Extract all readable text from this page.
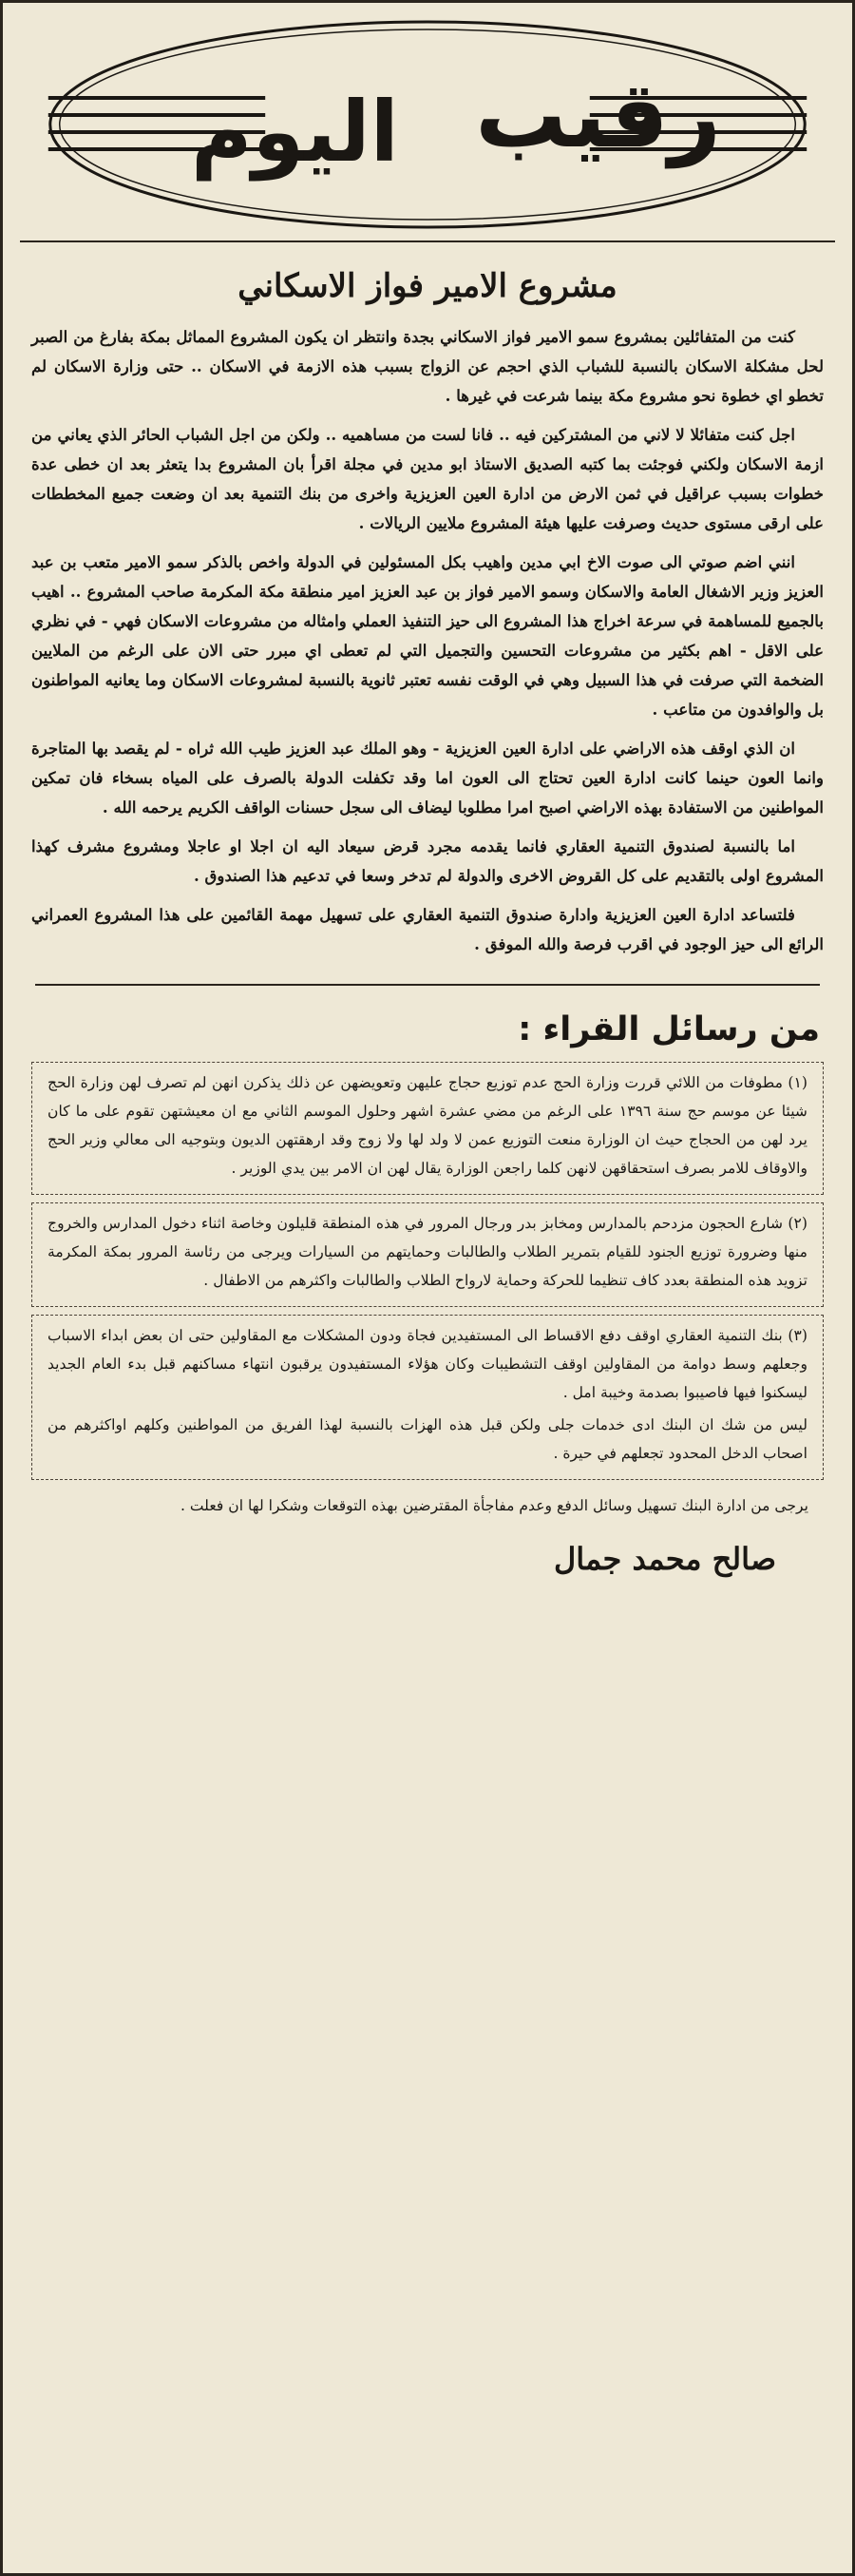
رقيب
اليوم
مشروع الامير فواز الاسكاني

كنت من المتفائلين بمشروع سمو الامير فواز الاسكاني بجدة وانتظر ان يكون المشروع المماثل بمكة بفارغ من الصبر لحل مشكلة الاسكان بالنسبة للشباب الذي احجم عن الزواج بسبب هذه الازمة في الاسكان .. حتى وزارة الاسكان لم تخطو اي خطوة نحو مشروع مكة بينما شرعت في غيرها .

اجل كنت متفائلا لا لاني من المشتركين فيه .. فانا لست من مساهميه .. ولكن من اجل الشباب الحائر الذي يعاني من ازمة الاسكان ولكني فوجئت بما كتبه الصديق الاستاذ ابو مدين في مجلة اقرأ بان المشروع بدا يتعثر بعد ان خطى عدة خطوات بسبب عراقيل في ثمن الارض من ادارة العين العزيزية واخرى من بنك التنمية بعد ان وضعت جميع المخططات على ارقى مستوى حديث وصرفت عليها هيئة المشروع ملايين الريالات .

انني اضم صوتي الى صوت الاخ ابي مدين واهيب بكل المسئولين في الدولة واخص بالذكر سمو الامير متعب بن عبد العزيز وزير الاشغال العامة والاسكان وسمو الامير فواز بن عبد العزيز امير منطقة مكة المكرمة صاحب المشروع .. اهيب بالجميع للمساهمة في سرعة اخراج هذا المشروع الى حيز التنفيذ العملي وامثاله من مشروعات الاسكان فهي - في نظري على الاقل - اهم بكثير من مشروعات التحسين والتجميل التي لم تعطى اي مبرر حتى الان على الرغم من الملايين الضخمة التي صرفت في هذا السبيل وهي في الوقت نفسه تعتبر ثانوية بالنسبة لمشروعات الاسكان وما يعانيه المواطنون بل والوافدون من متاعب .

ان الذي اوقف هذه الاراضي على ادارة العين العزيزية - وهو الملك عبد العزيز طيب الله ثراه - لم يقصد بها المتاجرة وانما العون حينما كانت ادارة العين تحتاج الى العون اما وقد تكفلت الدولة بالصرف على المياه بسخاء فان تمكين المواطنين من الاستفادة بهذه الاراضي اصبح امرا مطلوبا ليضاف الى سجل حسنات الواقف الكريم يرحمه الله .

اما بالنسبة لصندوق التنمية العقاري فانما يقدمه مجرد قرض سيعاد اليه ان اجلا او عاجلا ومشروع مشرف كهذا المشروع اولى بالتقديم على كل القروض الاخرى والدولة لم تدخر وسعا في تدعيم هذا الصندوق .

فلتساعد ادارة العين العزيزية وادارة صندوق التنمية العقاري على تسهيل مهمة القائمين على هذا المشروع العمراني الرائع الى حيز الوجود في اقرب فرصة والله الموفق .

من رسائل القراء :

(١) مطوفات من اللائي قررت وزارة الحج عدم توزيع حجاج عليهن وتعويضهن عن ذلك يذكرن انهن لم تصرف لهن وزارة الحج شيئا عن موسم حج سنة ١٣٩٦ على الرغم من مضي عشرة اشهر وحلول الموسم الثاني مع ان معيشتهن تقوم على ما كان يرد لهن من الحجاج حيث ان الوزارة منعت التوزيع عمن لا ولد لها ولا زوج وقد ارهقتهن الديون وبتوجيه الى معالي وزير الحج والاوقاف للامر بصرف استحقاقهن لانهن كلما راجعن الوزارة يقال لهن ان الامر بين يدي الوزير .

(٢) شارع الحجون مزدحم بالمدارس ومخابز بدر ورجال المرور في هذه المنطقة قليلون وخاصة اثناء دخول المدارس والخروج منها وضرورة توزيع الجنود للقيام بتمرير الطلاب والطالبات وحمايتهم من السيارات ويرجى من رئاسة المرور بمكة المكرمة تزويد هذه المنطقة بعدد كاف تنظيما للحركة وحماية لارواح الطلاب والطالبات واكثرهم من الاطفال .

(٣) بنك التنمية العقاري اوقف دفع الاقساط الى المستفيدين فجاة ودون المشكلات مع المقاولين حتى ان بعض ابداء الاسباب وجعلهم وسط دوامة من المقاولين اوقف التشطيبات وكان هؤلاء المستفيدون يرقبون انتهاء مساكنهم قبل بدء العام الجديد ليسكنوا فيها فاصيبوا بصدمة وخيبة امل .

ليس من شك ان البنك ادى خدمات جلى ولكن قبل هذه الهزات بالنسبة لهذا الفريق من المواطنين وكلهم اواكثرهم من اصحاب الدخل المحدود تجعلهم في حيرة .

يرجى من ادارة البنك تسهيل وسائل الدفع وعدم مفاجأة المقترضين بهذه التوقعات وشكرا لها ان فعلت .

صالح محمد جمال
